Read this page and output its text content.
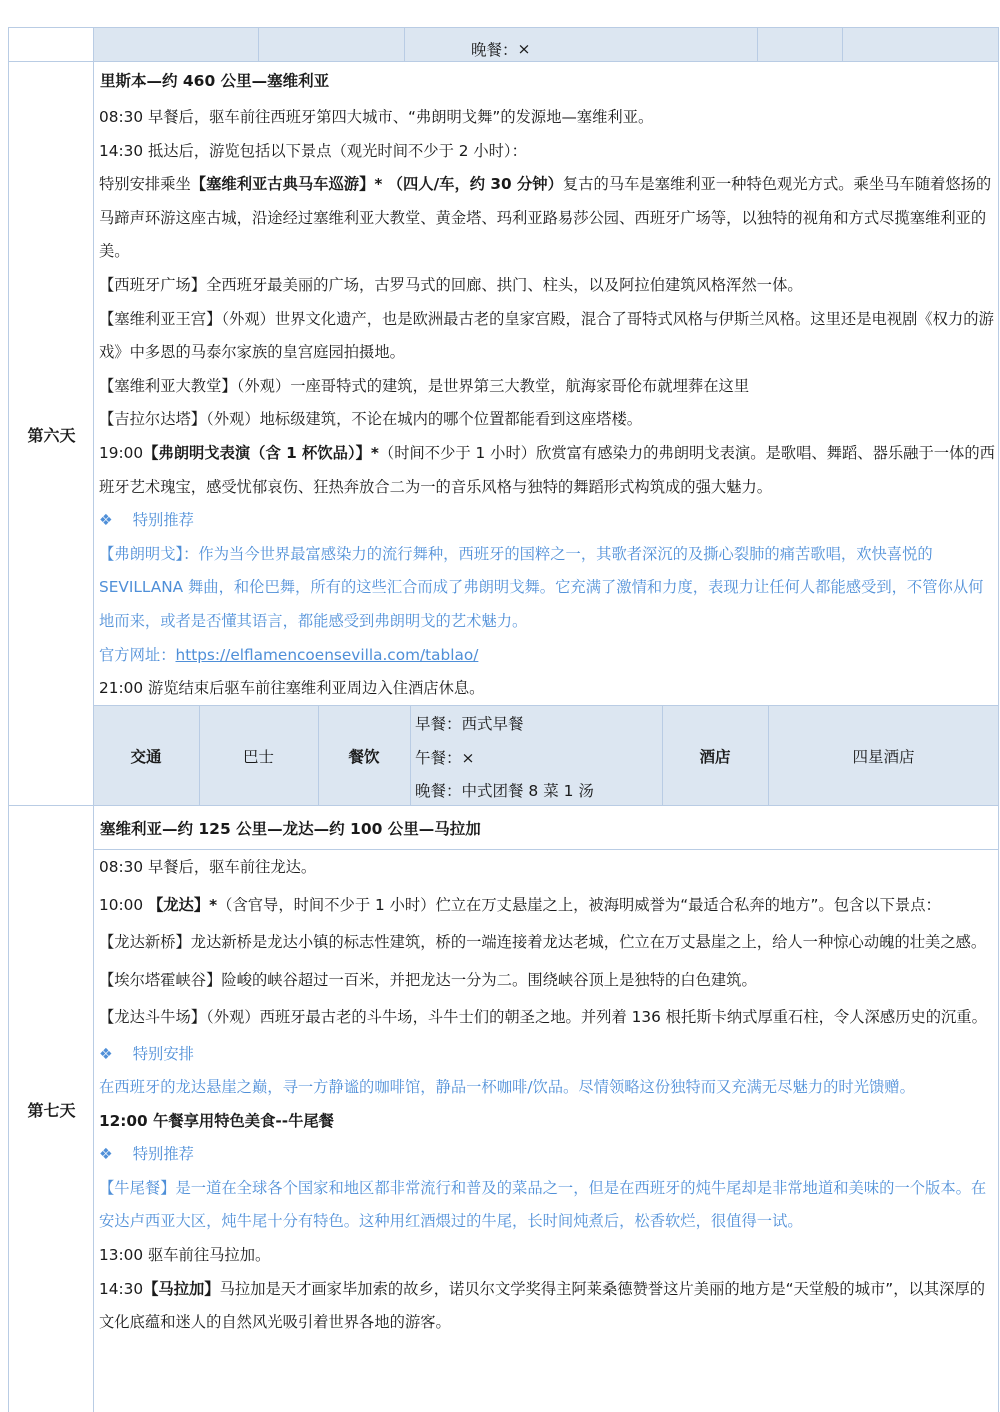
晚餐： ×
第六天
里斯本—约 460 公里—塞维利亚

08:30 早餐后，驱车前往西班牙第四大城市、“弗朗明戈舞”的发源地—塞维利亚。

14:30 抵达后，游览包括以下景点（观光时间不少于 2 小时）：

特别安排乘坐【塞维利亚古典马车巡游】* （四人/车，约 30 分钟）复古的马车是塞维利亚一种特色观光方式。乘坐马车随着悠扬的马蹄声环游这座古城，沿途经过塞维利亚大教堂、黄金塔、玛利亚路易莎公园、西班牙广场等，以独特的视角和方式尽揽塞维利亚的美。

【西班牙广场】全西班牙最美丽的广场，古罗马式的回廊、拱门、柱头，以及阿拉伯建筑风格浑然一体。

【塞维利亚王宫】（外观）世界文化遗产，也是欧洲最古老的皇家宫殿，混合了哥特式风格与伊斯兰风格。这里还是电视剧《权力的游戏》中多恩的马泰尔家族的皇宫庭园拍摄地。

【塞维利亚大教堂】（外观）一座哥特式的建筑，是世界第三大教堂，航海家哥伦布就埋葬在这里

【吉拉尔达塔】（外观）地标级建筑，不论在城内的哪个位置都能看到这座塔楼。

19:00【弗朗明戈表演（含 1 杯饮品）】*（时间不少于 1 小时）欣赏富有感染力的弗朗明戈表演。是歌唱、舞蹈、器乐融于一体的西班牙艺术瑰宝，感受忧郁哀伤、狂热奔放合二为一的音乐风格与独特的舞蹈形式构筑成的强大魅力。

❖ 特别推荐

【弗朗明戈】：作为当今世界最富感染力的流行舞种，西班牙的国粹之一，其歌者深沉的及撕心裂肺的痛苦歌唱，欢快喜悦的 SEVILLANA 舞曲，和伦巴舞，所有的这些汇合而成了弗朗明戈舞。它充满了激情和力度，表现力让任何人都能感受到，不管你从何地而来，或者是否懂其语言，都能感受到弗朗明戈的艺术魅力。

官方网址：https://elflamencoensevilla.com/tablao/

21:00 游览结束后驱车前往塞维利亚周边入住酒店休息。

交通	巴士	餐饮
早餐：西式早餐
午餐：×
晚餐：中式团餐 8 菜 1 汤
酒店	四星酒店
第七天
塞维利亚—约 125 公里—龙达—约 100 公里—马拉加

08:30 早餐后，驱车前往龙达。

10:00 【龙达】*（含官导，时间不少于 1 小时）伫立在万丈悬崖之上，被海明威誉为“最适合私奔的地方”。包含以下景点：

【龙达新桥】龙达新桥是龙达小镇的标志性建筑，桥的一端连接着龙达老城，伫立在万丈悬崖之上，给人一种惊心动魄的壮美之感。

【埃尔塔霍峡谷】险峻的峡谷超过一百米，并把龙达一分为二。围绕峡谷顶上是独特的白色建筑。

【龙达斗牛场】（外观）西班牙最古老的斗牛场，斗牛士们的朝圣之地。并列着 136 根托斯卡纳式厚重石柱，令人深感历史的沉重。

❖ 特别安排

在西班牙的龙达悬崖之巅，寻一方静谧的咖啡馆，静品一杯咖啡/饮品。尽情领略这份独特而又充满无尽魅力的时光馈赠。

12:00 午餐享用特色美食--牛尾餐

❖ 特别推荐

【牛尾餐】是一道在全球各个国家和地区都非常流行和普及的菜品之一，但是在西班牙的炖牛尾却是非常地道和美味的一个版本。在安达卢西亚大区，炖牛尾十分有特色。这种用红酒煨过的牛尾，长时间炖煮后，松香软烂，很值得一试。

13:00 驱车前往马拉加。

14:30【马拉加】马拉加是天才画家毕加索的故乡，诺贝尔文学奖得主阿莱桑德赞誉这片美丽的地方是“天堂般的城市”，以其深厚的文化底蕴和迷人的自然风光吸引着世界各地的游客。
